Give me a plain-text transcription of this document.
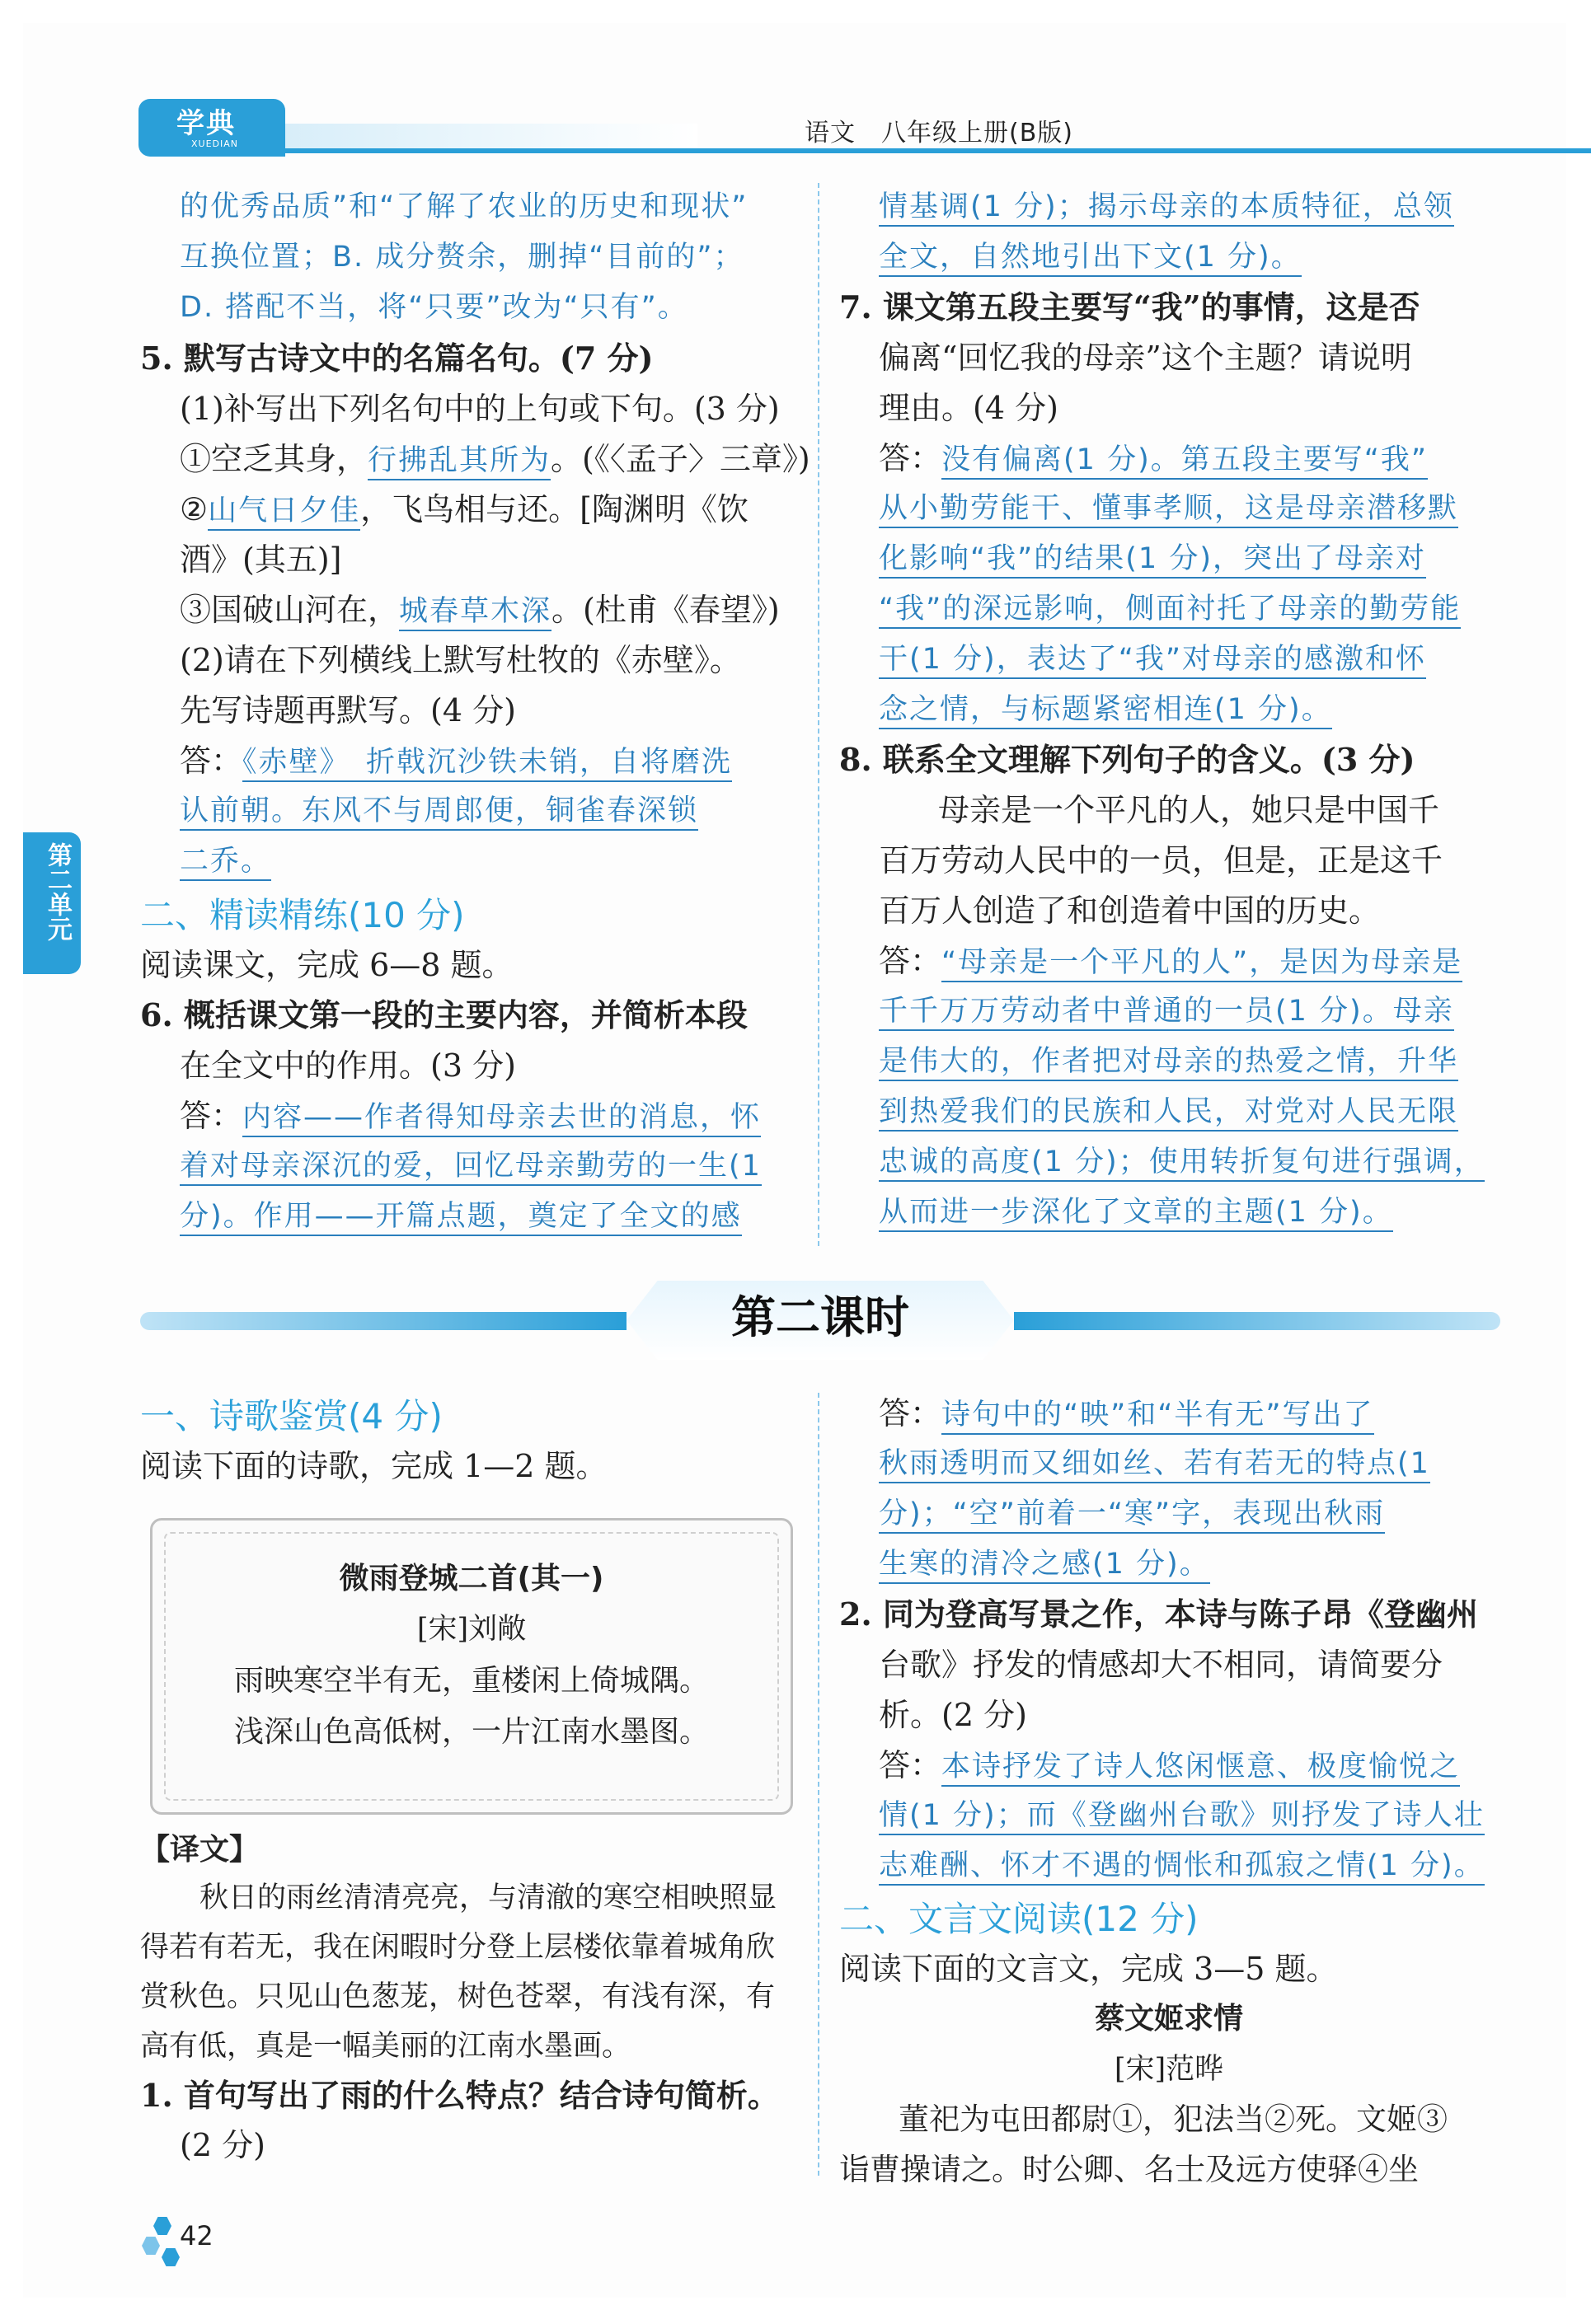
学典
XUEDIAN	语文　八年级上册(B版)
第二单元
的优秀品质”和“了解了农业的历史和现状”
互换位置；B. 成分赘余，删掉“目前的”；
D. 搭配不当，将“只要”改为“只有”。
5. 默写古诗文中的名篇名句。(7 分)
(1)补写出下列名句中的上句或下句。(3 分)
①空乏其身，行拂乱其所为。(《〈孟子〉三章》)
②山气日夕佳，飞鸟相与还。[陶渊明《饮
酒》(其五)]
③国破山河在，城春草木深。(杜甫《春望》)
(2)请在下列横线上默写杜牧的《赤壁》。
先写诗题再默写。(4 分)
答：《赤壁》　折戟沉沙铁未销，自将磨洗
认前朝。东风不与周郎便，铜雀春深锁
二乔。
二、精读精练(10 分)
阅读课文，完成 6—8 题。
6. 概括课文第一段的主要内容，并简析本段
在全文中的作用。(3 分)
答：内容——作者得知母亲去世的消息，怀
着对母亲深沉的爱，回忆母亲勤劳的一生(1
分)。作用——开篇点题，奠定了全文的感
情基调(1 分)；揭示母亲的本质特征，总领
全文，自然地引出下文(1 分)。
7. 课文第五段主要写“我”的事情，这是否
偏离“回忆我的母亲”这个主题？请说明
理由。(4 分)
答：没有偏离(1 分)。第五段主要写“我”
从小勤劳能干、懂事孝顺，这是母亲潜移默
化影响“我”的结果(1 分)，突出了母亲对
“我”的深远影响，侧面衬托了母亲的勤劳能
干(1 分)，表达了“我”对母亲的感激和怀
念之情，与标题紧密相连(1 分)。
8. 联系全文理解下列句子的含义。(3 分)
母亲是一个平凡的人，她只是中国千
百万劳动人民中的一员，但是，正是这千
百万人创造了和创造着中国的历史。
答：“母亲是一个平凡的人”，是因为母亲是
千千万万劳动者中普通的一员(1 分)。母亲
是伟大的，作者把对母亲的热爱之情，升华
到热爱我们的民族和人民，对党对人民无限
忠诚的高度(1 分)；使用转折复句进行强调，
从而进一步深化了文章的主题(1 分)。
第二课时
一、诗歌鉴赏(4 分)
阅读下面的诗歌，完成 1—2 题。
微雨登城二首(其一)
[宋]刘敞
雨映寒空半有无，重楼闲上倚城隅。
浅深山色高低树，一片江南水墨图。
【译文】
秋日的雨丝清清亮亮，与清澈的寒空相映照显
得若有若无，我在闲暇时分登上层楼依靠着城角欣
赏秋色。只见山色葱茏，树色苍翠，有浅有深，有
高有低，真是一幅美丽的江南水墨画。
1. 首句写出了雨的什么特点？结合诗句简析。
(2 分)
答：诗句中的“映”和“半有无”写出了
秋雨透明而又细如丝、若有若无的特点(1
分)；“空”前着一“寒”字，表现出秋雨
生寒的清冷之感(1 分)。
2. 同为登高写景之作，本诗与陈子昂《登幽州
台歌》抒发的情感却大不相同，请简要分
析。(2 分)
答：本诗抒发了诗人悠闲惬意、极度愉悦之
情(1 分)；而《登幽州台歌》则抒发了诗人壮
志难酬、怀才不遇的惆怅和孤寂之情(1 分)。
二、文言文阅读(12 分)
阅读下面的文言文，完成 3—5 题。
蔡文姬求情
[宋]范晔
董祀为屯田都尉①，犯法当②死。文姬③
诣曹操请之。时公卿、名士及远方使驿④坐
42
